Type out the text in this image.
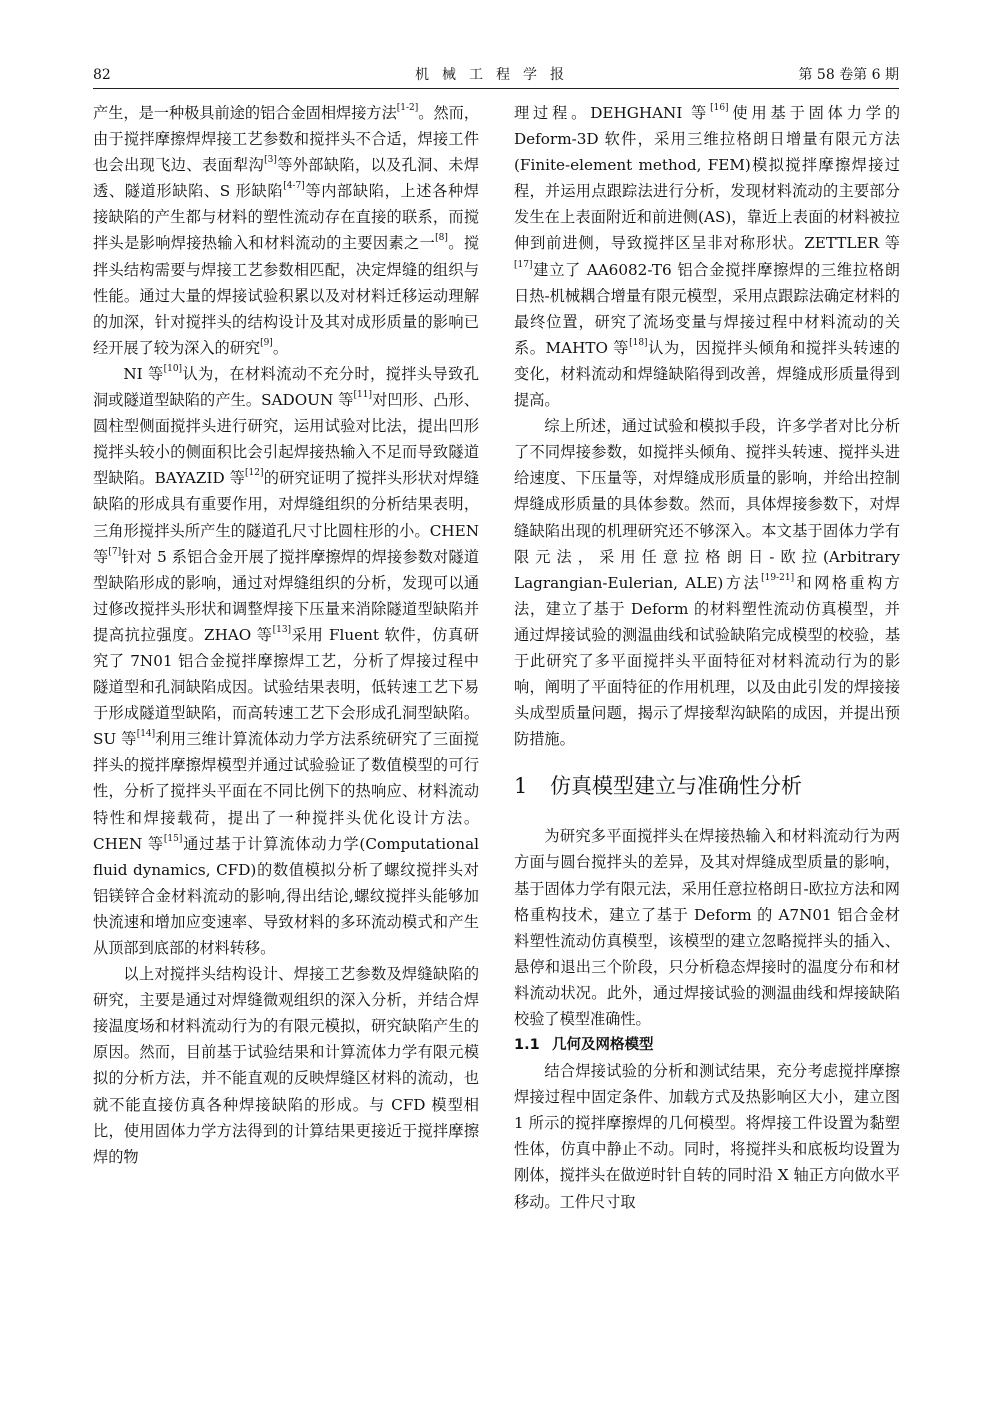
82	机械工程学报	第 58 卷第 6 期

产生，是一种极具前途的铝合金固相焊接方法[1-2]。然而，由于搅拌摩擦焊焊接工艺参数和搅拌头不合适，焊接工件也会出现飞边、表面犁沟[3]等外部缺陷，以及孔洞、未焊透、隧道形缺陷、S 形缺陷[4-7]等内部缺陷，上述各种焊接缺陷的产生都与材料的塑性流动存在直接的联系，而搅拌头是影响焊接热输入和材料流动的主要因素之一[8]。搅拌头结构需要与焊接工艺参数相匹配，决定焊缝的组织与性能。通过大量的焊接试验积累以及对材料迁移运动理解的加深，针对搅拌头的结构设计及其对成形质量的影响已经开展了较为深入的研究[9]。

NI 等[10]认为，在材料流动不充分时，搅拌头导致孔洞或隧道型缺陷的产生。SADOUN 等[11]对凹形、凸形、圆柱型侧面搅拌头进行研究，运用试验对比法，提出凹形搅拌头较小的侧面积比会引起焊接热输入不足而导致隧道型缺陷。BAYAZID 等[12]的研究证明了搅拌头形状对焊缝缺陷的形成具有重要作用，对焊缝组织的分析结果表明，三角形搅拌头所产生的隧道孔尺寸比圆柱形的小。CHEN 等[7]针对 5 系铝合金开展了搅拌摩擦焊的焊接参数对隧道型缺陷形成的影响，通过对焊缝组织的分析，发现可以通过修改搅拌头形状和调整焊接下压量来消除隧道型缺陷并提高抗拉强度。ZHAO 等[13]采用 Fluent 软件，仿真研究了 7N01 铝合金搅拌摩擦焊工艺，分析了焊接过程中隧道型和孔洞缺陷成因。试验结果表明，低转速工艺下易于形成隧道型缺陷，而高转速工艺下会形成孔洞型缺陷。SU 等[14]利用三维计算流体动力学方法系统研究了三面搅拌头的搅拌摩擦焊模型并通过试验验证了数值模型的可行性，分析了搅拌头平面在不同比例下的热响应、材料流动特性和焊接载荷，提出了一种搅拌头优化设计方法。CHEN 等[15]通过基于计算流体动力学(Computational fluid dynamics, CFD)的数值模拟分析了螺纹搅拌头对铝镁锌合金材料流动的影响,得出结论,螺纹搅拌头能够加快流速和增加应变速率、导致材料的多环流动模式和产生从顶部到底部的材料转移。

以上对搅拌头结构设计、焊接工艺参数及焊缝缺陷的研究，主要是通过对焊缝微观组织的深入分析，并结合焊接温度场和材料流动行为的有限元模拟，研究缺陷产生的原因。然而，目前基于试验结果和计算流体力学有限元模拟的分析方法，并不能直观的反映焊缝区材料的流动，也就不能直接仿真各种焊接缺陷的形成。与 CFD 模型相比，使用固体力学方法得到的计算结果更接近于搅拌摩擦焊的物

理过程。DEHGHANI 等[16]使用基于固体力学的 Deform-3D 软件，采用三维拉格朗日增量有限元方法(Finite-element method, FEM)模拟搅拌摩擦焊接过程，并运用点跟踪法进行分析，发现材料流动的主要部分发生在上表面附近和前进侧(AS)，靠近上表面的材料被拉伸到前进侧，导致搅拌区呈非对称形状。ZETTLER 等[17]建立了 AA6082-T6 铝合金搅拌摩擦焊的三维拉格朗日热-机械耦合增量有限元模型，采用点跟踪法确定材料的最终位置，研究了流场变量与焊接过程中材料流动的关系。MAHTO 等[18]认为，因搅拌头倾角和搅拌头转速的变化，材料流动和焊缝缺陷得到改善，焊缝成形质量得到提高。

综上所述，通过试验和模拟手段，许多学者对比分析了不同焊接参数，如搅拌头倾角、搅拌头转速、搅拌头进给速度、下压量等，对焊缝成形质量的影响，并给出控制焊缝成形质量的具体参数。然而，具体焊接参数下，对焊缝缺陷出现的机理研究还不够深入。本文基于固体力学有限元法，采用任意拉格朗日-欧拉(Arbitrary Lagrangian-Eulerian, ALE)方法[19-21]和网格重构方法，建立了基于 Deform 的材料塑性流动仿真模型，并通过焊接试验的测温曲线和试验缺陷完成模型的校验，基于此研究了多平面搅拌头平面特征对材料流动行为的影响，阐明了平面特征的作用机理，以及由此引发的焊接接头成型质量问题，揭示了焊接犁沟缺陷的成因，并提出预防措施。

1 仿真模型建立与准确性分析

为研究多平面搅拌头在焊接热输入和材料流动行为两方面与圆台搅拌头的差异，及其对焊缝成型质量的影响，基于固体力学有限元法，采用任意拉格朗日-欧拉方法和网格重构技术，建立了基于 Deform 的 A7N01 铝合金材料塑性流动仿真模型，该模型的建立忽略搅拌头的插入、悬停和退出三个阶段，只分析稳态焊接时的温度分布和材料流动状况。此外，通过焊接试验的测温曲线和焊接缺陷校验了模型准确性。

1.1 几何及网格模型

结合焊接试验的分析和测试结果，充分考虑搅拌摩擦焊接过程中固定条件、加载方式及热影响区大小，建立图 1 所示的搅拌摩擦焊的几何模型。将焊接工件设置为黏塑性体，仿真中静止不动。同时，将搅拌头和底板均设置为刚体，搅拌头在做逆时针自转的同时沿 X 轴正方向做水平移动。工件尺寸取
